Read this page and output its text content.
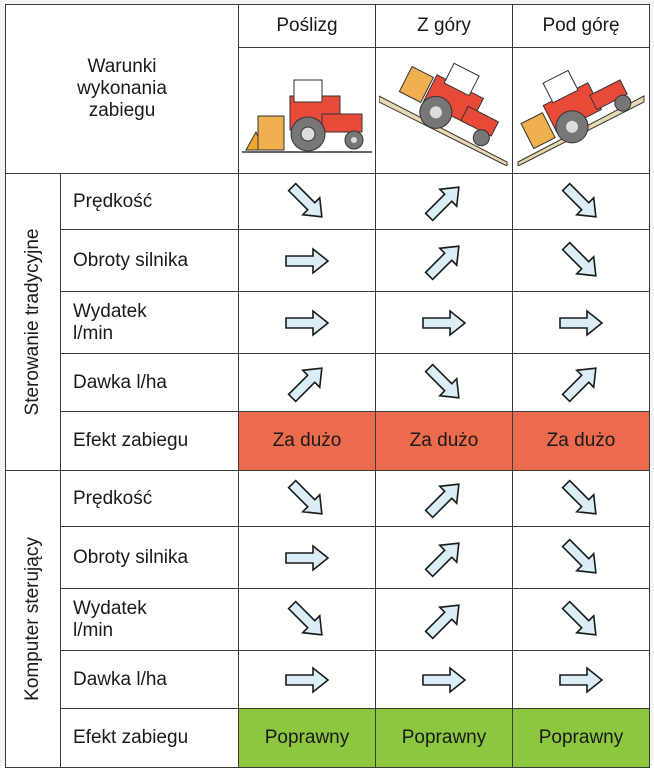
Warunki
wykonania
zabiegu		Poślizg	Z góry	Pod górę

Sterowanie tradycyjne	Prędkość			
	Obroty silnika			
	Wydatek
l/min			
	Dawka l/ha			
	Efekt zabiegu	Za dużo	Za dużo	Za dużo

Komputer sterujący	Prędkość			
	Obroty silnika			
	Wydatek
l/min			
	Dawka l/ha			
	Efekt zabiegu	Poprawny	Poprawny	Poprawny
